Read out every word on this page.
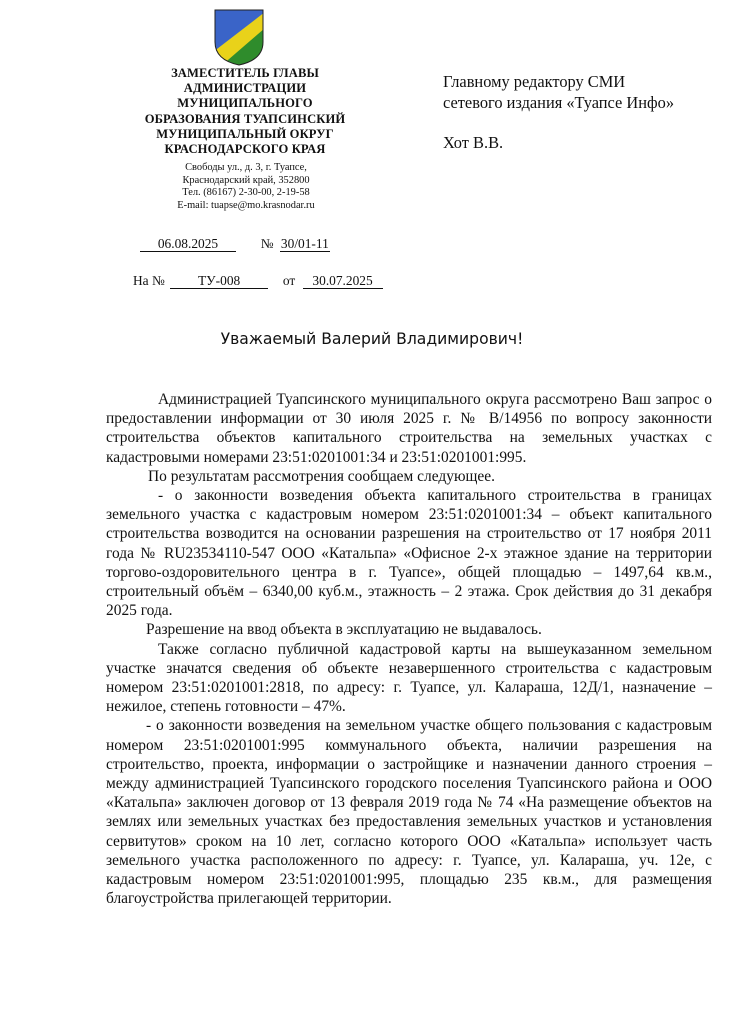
ЗАМЕСТИТЕЛЬ ГЛАВЫ
АДМИНИСТРАЦИИ
МУНИЦИПАЛЬНОГО
ОБРАЗОВАНИЯ ТУАПСИНСКИЙ
МУНИЦИПАЛЬНЫЙ ОКРУГ
КРАСНОДАРСКОГО КРАЯ
Свободы ул., д. 3, г. Туапсе,
Краснодарский край, 352800
Тел. (86167) 2-30-00, 2-19-58
E-mail: tuapse@mo.krasnodar.ru
Главному редактору СМИ
сетевого издания «Туапсе Инфо»
Хот В.В.
06.08.2025	№ 30/01-11
На № ТУ-008	от 30.07.2025
Уважаемый Валерий Владимирович!

Администрацией Туапсинского муниципального округа рассмотрено Ваш запрос о предоставлении информации от 30 июля 2025 г. № В/14956 по вопросу законности строительства объектов капитального строительства на земельных участках с кадастровыми номерами 23:51:0201001:34 и 23:51:0201001:995.

По результатам рассмотрения сообщаем следующее.

- о законности возведения объекта капитального строительства в границах земельного участка с кадастровым номером 23:51:0201001:34 – объект капитального строительства возводится на основании разрешения на строительство от 17 ноября 2011 года № RU23534110-547 ООО «Катальпа» «Офисное 2-х этажное здание на территории торгово-оздоровительного центра в г. Туапсе», общей площадью – 1497,64 кв.м., строительный объём – 6340,00 куб.м., этажность – 2 этажа. Срок действия до 31 декабря 2025 года.

Разрешение на ввод объекта в эксплуатацию не выдавалось.

Также согласно публичной кадастровой карты на вышеуказанном земельном участке значатся сведения об объекте незавершенного строительства с кадастровым номером 23:51:0201001:2818, по адресу: г. Туапсе, ул. Калараша, 12Д/1, назначение – нежилое, степень готовности – 47%.

- о законности возведения на земельном участке общего пользования с кадастровым номером 23:51:0201001:995 коммунального объекта, наличии разрешения на строительство, проекта, информации о застройщике и назначении данного строения – между администрацией Туапсинского городского поселения Туапсинского района и ООО «Катальпа» заключен договор от 13 февраля 2019 года № 74 «На размещение объектов на землях или земельных участках без предоставления земельных участков и установления сервитутов» сроком на 10 лет, согласно которого ООО «Катальпа» использует часть земельного участка расположенного по адресу: г. Туапсе, ул. Калараша, уч. 12е, с кадастровым номером 23:51:0201001:995, площадью 235 кв.м., для размещения благоустройства прилегающей территории.
